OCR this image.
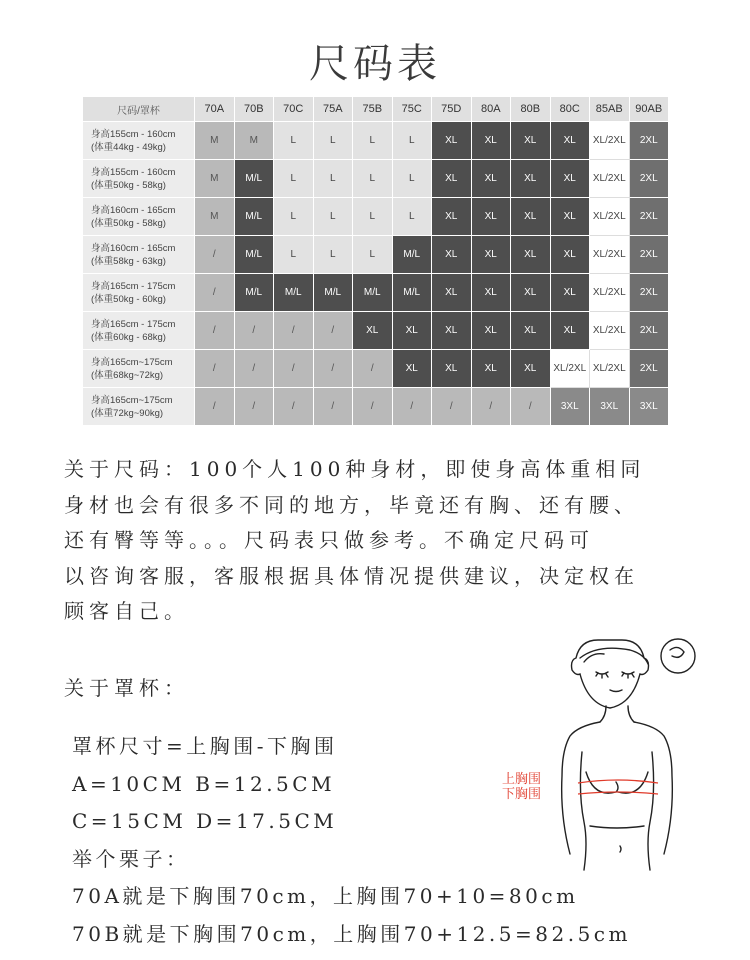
尺码表
尺码/罩杯	70A	70B	70C	75A	75B	75C	75D	80A	80B	80C	85AB	90AB

身高155cm - 160cm
(体重44kg - 49kg)	M	M	L	L	L	L	XL	XL	XL	XL	XL/2XL	2XL

身高155cm - 160cm
(体重50kg - 58kg)	M	M/L	L	L	L	L	XL	XL	XL	XL	XL/2XL	2XL

身高160cm - 165cm
(体重50kg - 58kg)	M	M/L	L	L	L	L	XL	XL	XL	XL	XL/2XL	2XL

身高160cm - 165cm
(体重58kg - 63kg)	/	M/L	L	L	L	M/L	XL	XL	XL	XL	XL/2XL	2XL

身高165cm - 175cm
(体重50kg - 60kg)	/	M/L	M/L	M/L	M/L	M/L	XL	XL	XL	XL	XL/2XL	2XL

身高165cm - 175cm
(体重60kg - 68kg)	/	/	/	/	XL	XL	XL	XL	XL	XL	XL/2XL	2XL

身高165cm~175cm
(体重68kg~72kg)	/	/	/	/	/	XL	XL	XL	XL	XL/2XL	XL/2XL	2XL

身高165cm~175cm
(体重72kg~90kg)	/	/	/	/	/	/	/	/	/	3XL	3XL	3XL
关于尺码：100个人100种身材，即使身高体重相同
身材也会有很多不同的地方，毕竟还有胸、还有腰、
还有臀等等。。。尺码表只做参考。不确定尺码可
以咨询客服，客服根据具体情况提供建议，决定权在
顾客自己。
关于罩杯：
罩杯尺寸=上胸围-下胸围
A=10CM B=12.5CM
C=15CM D=17.5CM
举个栗子：
70A就是下胸围70cm，上胸围70+10=80cm
70B就是下胸围70cm，上胸围70+12.5=82.5cm
上胸围
下胸围
